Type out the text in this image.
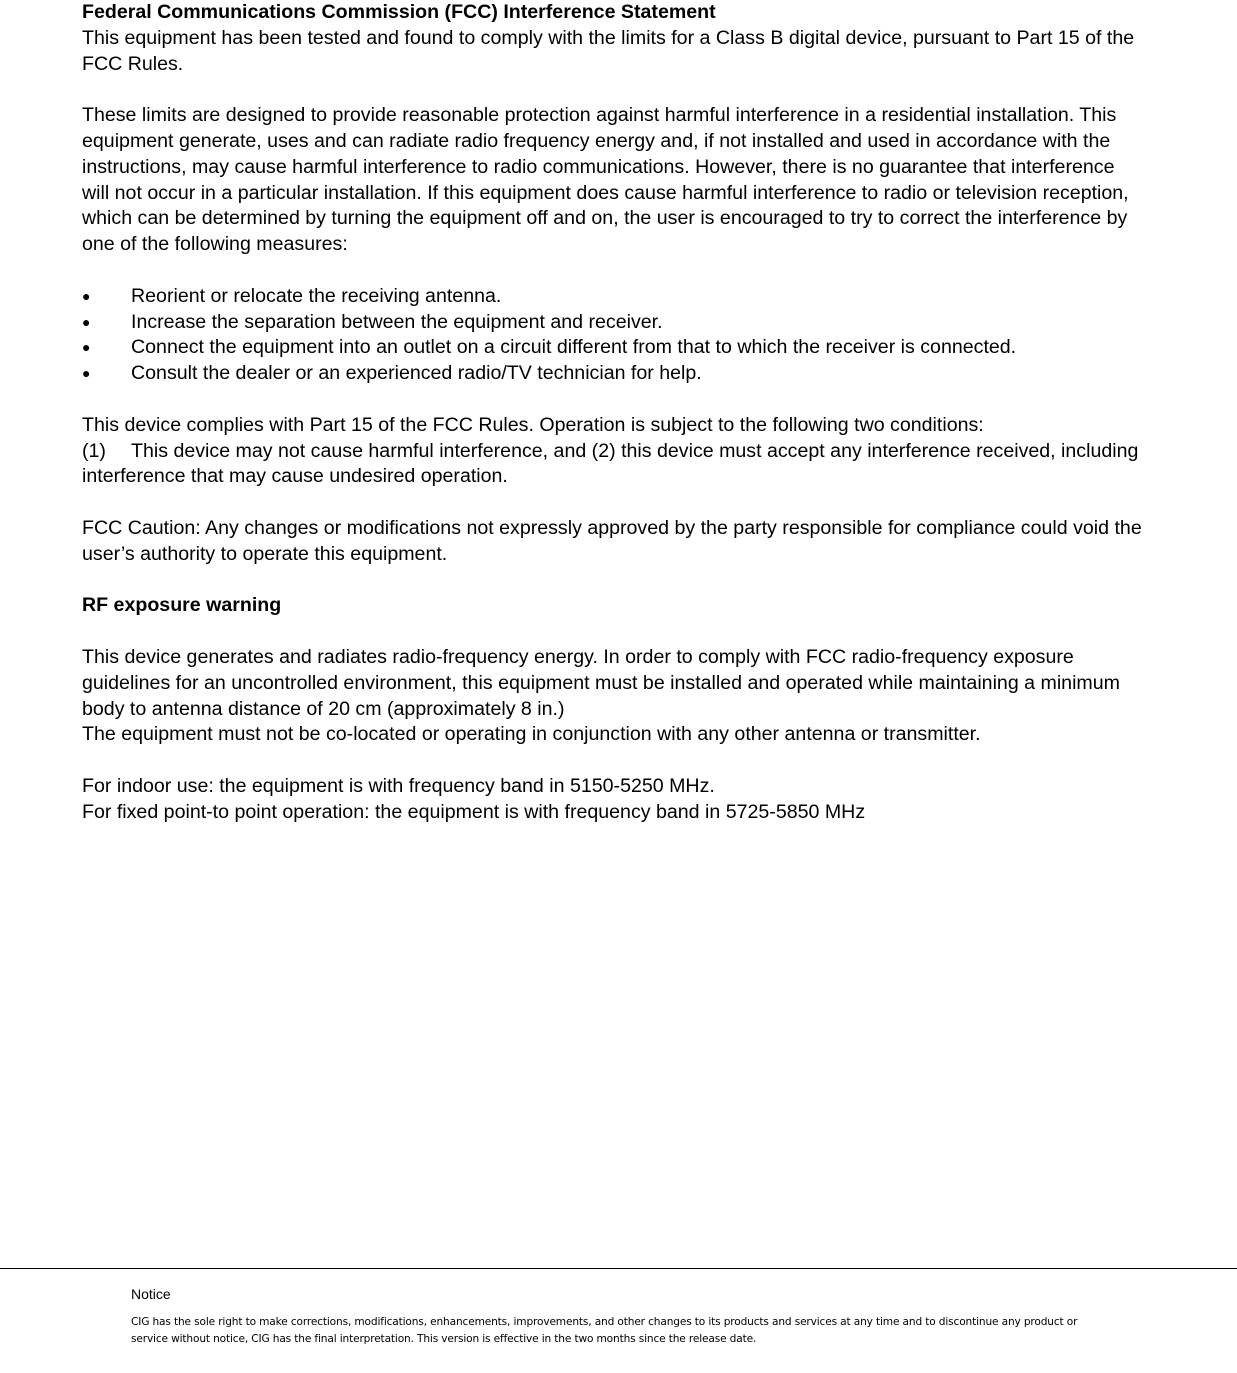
Federal Communications Commission (FCC) Interference Statement

This equipment has been tested and found to comply with the limits for a Class B digital device, pursuant to Part 15 of the FCC Rules.

These limits are designed to provide reasonable protection against harmful interference in a residential installation. This equipment generate, uses and can radiate radio frequency energy and, if not installed and used in accordance with the instructions, may cause harmful interference to radio communications. However, there is no guarantee that interference will not occur in a particular installation. If this equipment does cause harmful interference to radio or television reception, which can be determined by turning the equipment off and on, the user is encouraged to try to correct the interference by one of the following measures:

● Reorient or relocate the receiving antenna.

● Increase the separation between the equipment and receiver.

● Connect the equipment into an outlet on a circuit different from that to which the receiver is connected.

● Consult the dealer or an experienced radio/TV technician for help.

This device complies with Part 15 of the FCC Rules. Operation is subject to the following two conditions:

(1) This device may not cause harmful interference, and (2) this device must accept any interference received, including interference that may cause undesired operation.

FCC Caution: Any changes or modifications not expressly approved by the party responsible for compliance could void the user’s authority to operate this equipment.

RF exposure warning

This device generates and radiates radio-frequency energy. In order to comply with FCC radio-frequency exposure guidelines for an uncontrolled environment, this equipment must be installed and operated while maintaining a minimum body to antenna distance of 20 cm (approximately 8 in.)

The equipment must not be co-located or operating in conjunction with any other antenna or transmitter.

For indoor use: the equipment is with frequency band in 5150-5250 MHz.

For fixed point-to point operation: the equipment is with frequency band in 5725-5850 MHz

Notice

CIG has the sole right to make corrections, modifications, enhancements, improvements, and other changes to its products and services at any time and to discontinue any product or service without notice, CIG has the final interpretation. This version is effective in the two months since the release date.
